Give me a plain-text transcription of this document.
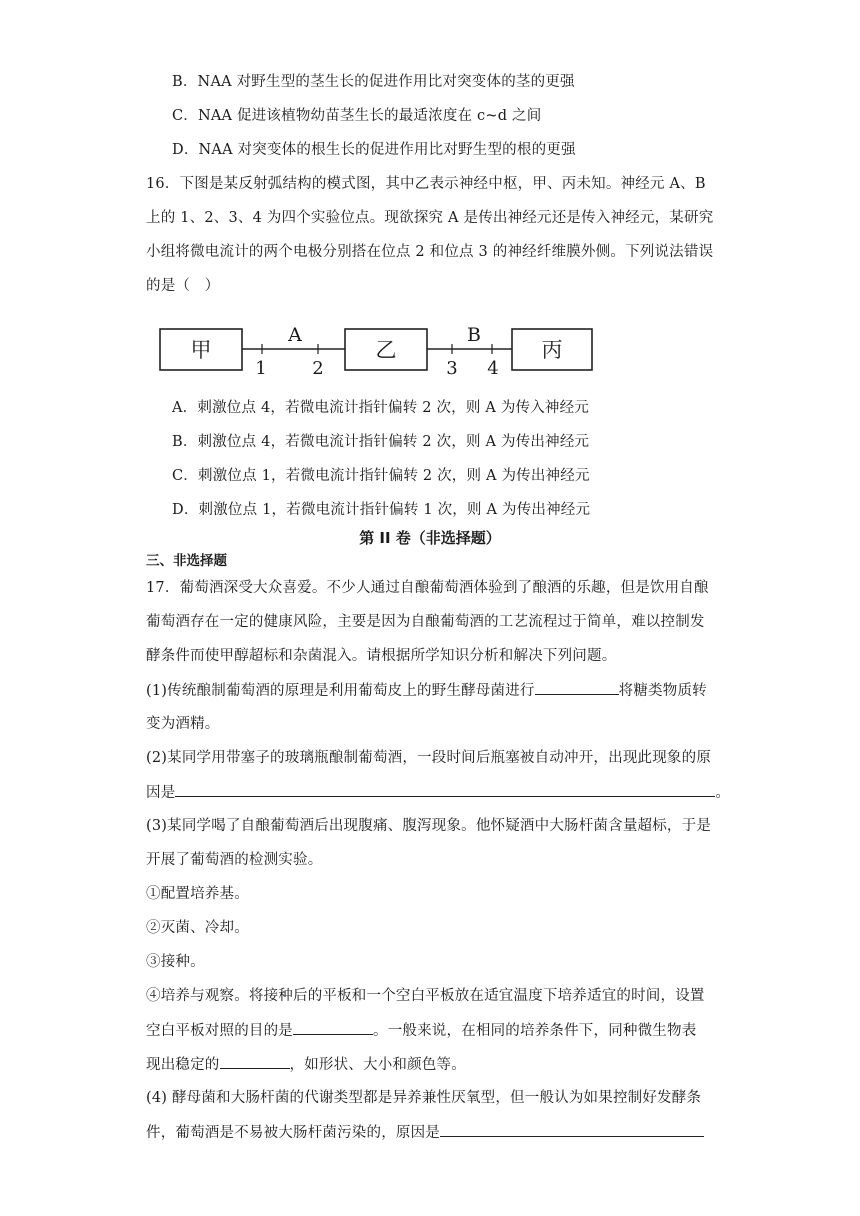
B．NAA 对野生型的茎生长的促进作用比对突变体的茎的更强
C．NAA 促进该植物幼苗茎生长的最适浓度在 c~d 之间
D．NAA 对突变体的根生长的促进作用比对野生型的根的更强
16．下图是某反射弧结构的模式图，其中乙表示神经中枢，甲、丙未知。神经元 A、B
上的 1、2、3、4 为四个实验位点。现欲探究 A 是传出神经元还是传入神经元，某研究
小组将微电流计的两个电极分别搭在位点 2 和位点 3 的神经纤维膜外侧。下列说法错误
的是（　）
甲	乙	丙
A	B
1	2	3 4
A．刺激位点 4，若微电流计指针偏转 2 次，则 A 为传入神经元
B．刺激位点 4，若微电流计指针偏转 2 次，则 A 为传出神经元
C．刺激位点 1，若微电流计指针偏转 2 次，则 A 为传出神经元
D．刺激位点 1，若微电流计指针偏转 1 次，则 A 为传出神经元
第 II 卷（非选择题）
三、非选择题
17．葡萄酒深受大众喜爱。不少人通过自酿葡萄酒体验到了酿酒的乐趣，但是饮用自酿
葡萄酒存在一定的健康风险，主要是因为自酿葡萄酒的工艺流程过于简单，难以控制发
酵条件而使甲醇超标和杂菌混入。请根据所学知识分析和解决下列问题。
(1)传统酿制葡萄酒的原理是利用葡萄皮上的野生酵母菌进行	将糖类物质转
变为酒精。
(2)某同学用带塞子的玻璃瓶酿制葡萄酒，一段时间后瓶塞被自动冲开，出现此现象的原
因是	。
(3)某同学喝了自酿葡萄酒后出现腹痛、腹泻现象。他怀疑酒中大肠杆菌含量超标，于是
开展了葡萄酒的检测实验。
①配置培养基。
②灭菌、冷却。
③接种。
④培养与观察。将接种后的平板和一个空白平板放在适宜温度下培养适宜的时间，设置
空白平板对照的目的是	。一般来说，在相同的培养条件下，同种微生物表
现出稳定的	，如形状、大小和颜色等。
(4) 酵母菌和大肠杆菌的代谢类型都是异养兼性厌氧型，但一般认为如果控制好发酵条
件，葡萄酒是不易被大肠杆菌污染的，原因是
